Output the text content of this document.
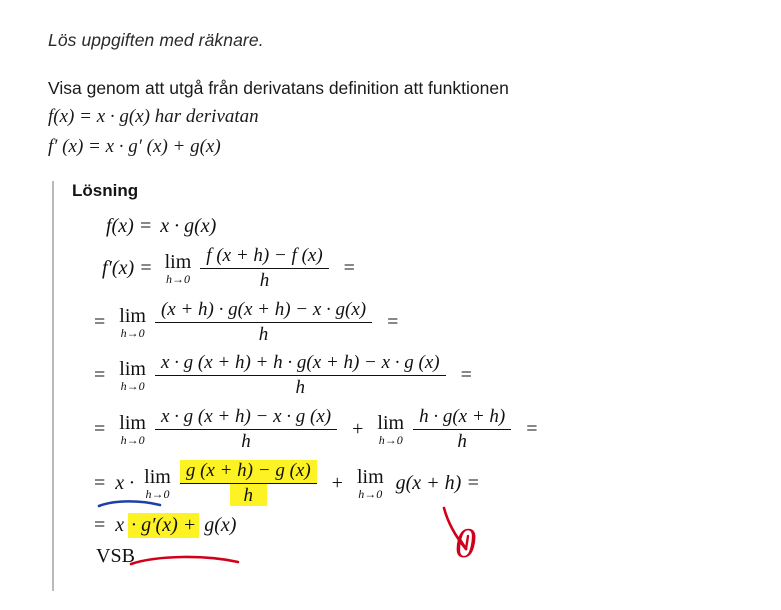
Lös uppgiften med räknare.
Visa genom att utgå från derivatans definition att funktionen
f(x) = x · g(x) har derivatan
f′ (x) = x · g′ (x) + g(x)
Lösning
f(x) = x · g(x)
f′(x) = lim
$h\to 0 \frac{f (x + h) - f (x)}{h}$ =
= lim
$h\to 0 \frac{(x + h) \cdot g(x + h) - x \cdot g(x)}{h}$ =
= lim
$h\to 0 \frac{x \cdot g (x + h) + h \cdot g(x + h) - x \cdot g (x)}{h}$ =
= lim
$h\to 0 \frac{x \cdot g (x + h) - x \cdot g (x)}{h} + \lim$
$h\to 0 \frac{h \cdot g(x + h)}{h}$ =
= x · lim
$h\to 0 \frac{g (x + h) - g (x)}{h} + \lim$
h→0 g(x + h) =
= x · g′(x) + g(x)
VSB	0
